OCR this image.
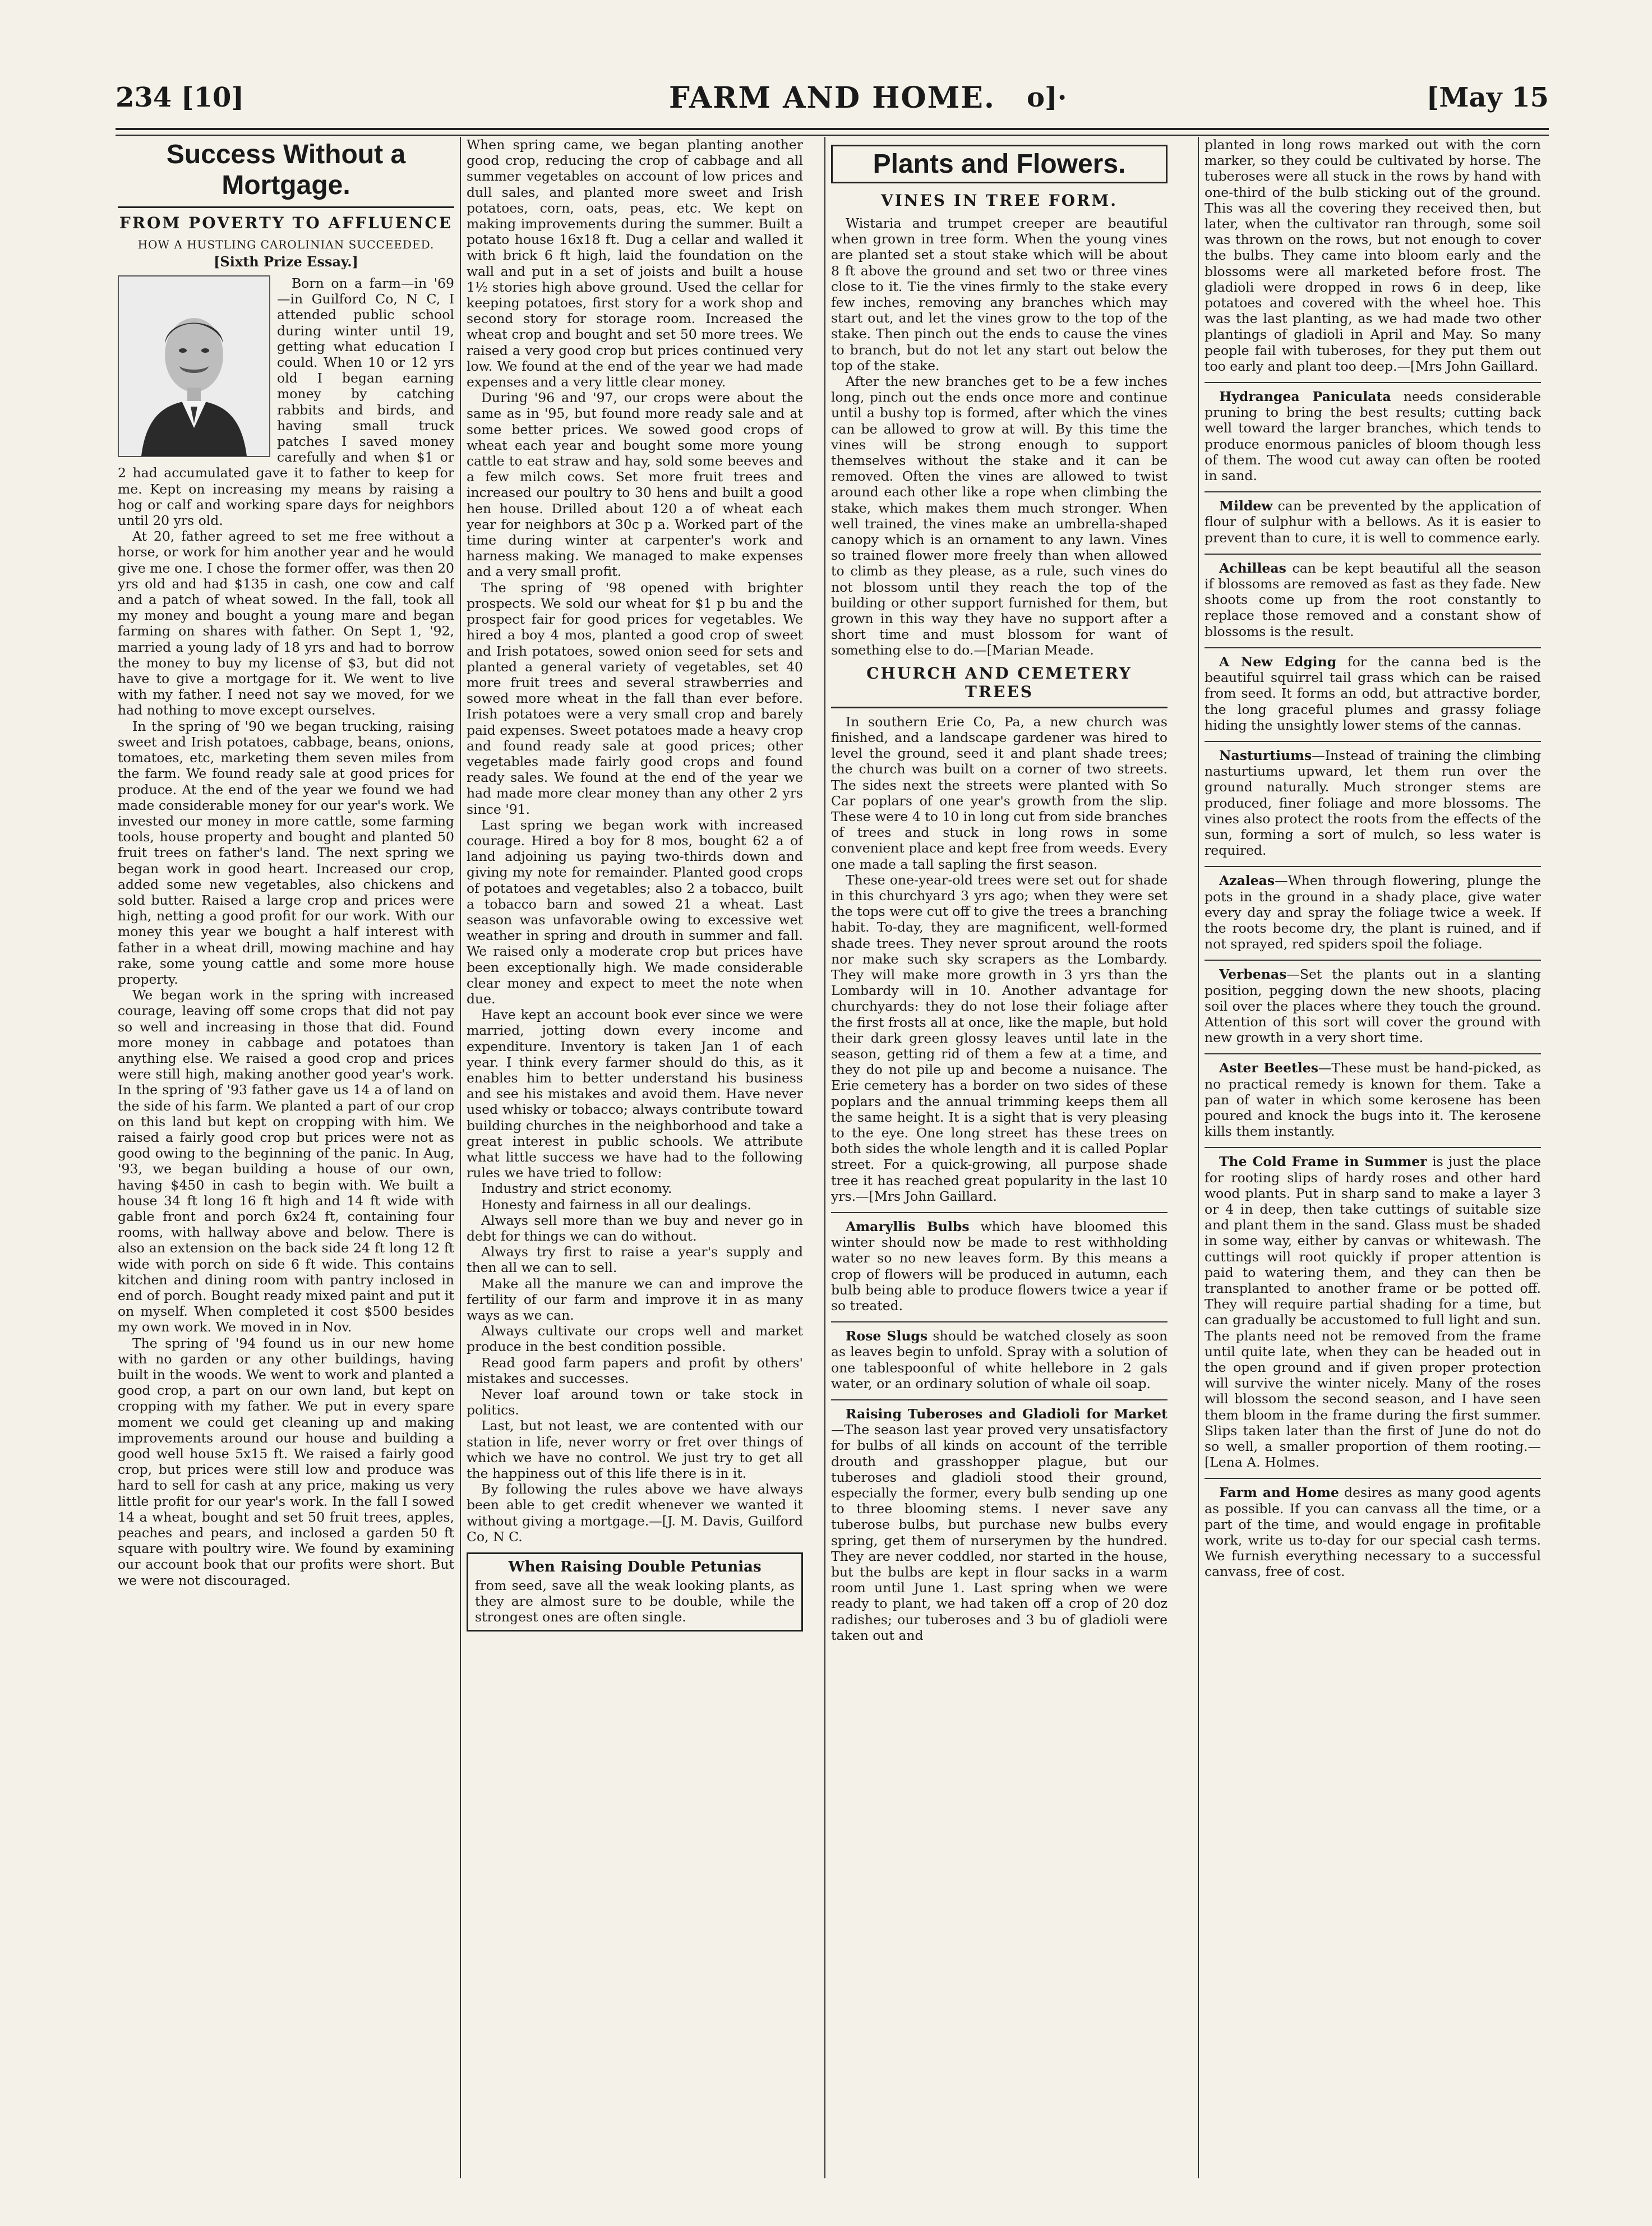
234 [10]	FARM AND HOME.	o]·	[May 15
Success Without a Mortgage.
FROM POVERTY TO AFFLUENCE
HOW A HUSTLING CAROLINIAN SUCCEEDED.
[Sixth Prize Essay.]

Born on a farm—in '69—in Guilford Co, N C, I attended public school during winter until 19, getting what education I could. When 10 or 12 yrs old I began earning money by catching rabbits and birds, and having small truck patches I saved money carefully and when $1 or 2 had accumulated gave it to father to keep for me. Kept on increasing my means by raising a hog or calf and working spare days for neighbors until 20 yrs old.

At 20, father agreed to set me free without a horse, or work for him another year and he would give me one. I chose the former offer, was then 20 yrs old and had $135 in cash, one cow and calf and a patch of wheat sowed. In the fall, took all my money and bought a young mare and began farming on shares with father. On Sept 1, '92, married a young lady of 18 yrs and had to borrow the money to buy my license of $3, but did not have to give a mortgage for it. We went to live with my father. I need not say we moved, for we had nothing to move except ourselves.

In the spring of '90 we began trucking, raising sweet and Irish potatoes, cabbage, beans, onions, tomatoes, etc, marketing them seven miles from the farm. We found ready sale at good prices for produce. At the end of the year we found we had made considerable money for our year's work. We invested our money in more cattle, some farming tools, house property and bought and planted 50 fruit trees on father's land. The next spring we began work in good heart. Increased our crop, added some new vegetables, also chickens and sold butter. Raised a large crop and prices were high, netting a good profit for our work. With our money this year we bought a half interest with father in a wheat drill, mowing machine and hay rake, some young cattle and some more house property.

We began work in the spring with increased courage, leaving off some crops that did not pay so well and increasing in those that did. Found more money in cabbage and potatoes than anything else. We raised a good crop and prices were still high, making another good year's work. In the spring of '93 father gave us 14 a of land on the side of his farm. We planted a part of our crop on this land but kept on cropping with him. We raised a fairly good crop but prices were not as good owing to the beginning of the panic. In Aug, '93, we began building a house of our own, having $450 in cash to begin with. We built a house 34 ft long 16 ft high and 14 ft wide with gable front and porch 6x24 ft, containing four rooms, with hallway above and below. There is also an extension on the back side 24 ft long 12 ft wide with porch on side 6 ft wide. This contains kitchen and dining room with pantry inclosed in end of porch. Bought ready mixed paint and put it on myself. When completed it cost $500 besides my own work. We moved in in Nov.

The spring of '94 found us in our new home with no garden or any other buildings, having built in the woods. We went to work and planted a good crop, a part on our own land, but kept on cropping with my father. We put in every spare moment we could get cleaning up and making improvements around our house and building a good well house 5x15 ft. We raised a fairly good crop, but prices were still low and produce was hard to sell for cash at any price, making us very little profit for our year's work. In the fall I sowed 14 a wheat, bought and set 50 fruit trees, apples, peaches and pears, and inclosed a garden 50 ft square with poultry wire. We found by examining our account book that our profits were short. But we were not discouraged.

When spring came, we began planting another good crop, reducing the crop of cabbage and all summer vegetables on account of low prices and dull sales, and planted more sweet and Irish potatoes, corn, oats, peas, etc. We kept on making improvements during the summer. Built a potato house 16x18 ft. Dug a cellar and walled it with brick 6 ft high, laid the foundation on the wall and put in a set of joists and built a house 1½ stories high above ground. Used the cellar for keeping potatoes, first story for a work shop and second story for storage room. Increased the wheat crop and bought and set 50 more trees. We raised a very good crop but prices continued very low. We found at the end of the year we had made expenses and a very little clear money.

During '96 and '97, our crops were about the same as in '95, but found more ready sale and at some better prices. We sowed good crops of wheat each year and bought some more young cattle to eat straw and hay, sold some beeves and a few milch cows. Set more fruit trees and increased our poultry to 30 hens and built a good hen house. Drilled about 120 a of wheat each year for neighbors at 30c p a. Worked part of the time during winter at carpenter's work and harness making. We managed to make expenses and a very small profit.

The spring of '98 opened with brighter prospects. We sold our wheat for $1 p bu and the prospect fair for good prices for vegetables. We hired a boy 4 mos, planted a good crop of sweet and Irish potatoes, sowed onion seed for sets and planted a general variety of vegetables, set 40 more fruit trees and several strawberries and sowed more wheat in the fall than ever before. Irish potatoes were a very small crop and barely paid expenses. Sweet potatoes made a heavy crop and found ready sale at good prices; other vegetables made fairly good crops and found ready sales. We found at the end of the year we had made more clear money than any other 2 yrs since '91.

Last spring we began work with increased courage. Hired a boy for 8 mos, bought 62 a of land adjoining us paying two-thirds down and giving my note for remainder. Planted good crops of potatoes and vegetables; also 2 a tobacco, built a tobacco barn and sowed 21 a wheat. Last season was unfavorable owing to excessive wet weather in spring and drouth in summer and fall. We raised only a moderate crop but prices have been exceptionally high. We made considerable clear money and expect to meet the note when due.

Have kept an account book ever since we were married, jotting down every income and expenditure. Inventory is taken Jan 1 of each year. I think every farmer should do this, as it enables him to better understand his business and see his mistakes and avoid them. Have never used whisky or tobacco; always contribute toward building churches in the neighborhood and take a great interest in public schools. We attribute what little success we have had to the following rules we have tried to follow:

Industry and strict economy.

Honesty and fairness in all our dealings.

Always sell more than we buy and never go in debt for things we can do without.

Always try first to raise a year's supply and then all we can to sell.

Make all the manure we can and improve the fertility of our farm and improve it in as many ways as we can.

Always cultivate our crops well and market produce in the best condition possible.

Read good farm papers and profit by others' mistakes and successes.

Never loaf around town or take stock in politics.

Last, but not least, we are contented with our station in life, never worry or fret over things of which we have no control. We just try to get all the happiness out of this life there is in it.

By following the rules above we have always been able to get credit whenever we wanted it without giving a mortgage.—[J. M. Davis, Guilford Co, N C.

When Raising Double Petunias

from seed, save all the weak looking plants, as they are almost sure to be double, while the strongest ones are often single.

Plants and Flowers.
VINES IN TREE FORM.

Wistaria and trumpet creeper are beautiful when grown in tree form. When the young vines are planted set a stout stake which will be about 8 ft above the ground and set two or three vines close to it. Tie the vines firmly to the stake every few inches, removing any branches which may start out, and let the vines grow to the top of the stake. Then pinch out the ends to cause the vines to branch, but do not let any start out below the top of the stake.

After the new branches get to be a few inches long, pinch out the ends once more and continue until a bushy top is formed, after which the vines can be allowed to grow at will. By this time the vines will be strong enough to support themselves without the stake and it can be removed. Often the vines are allowed to twist around each other like a rope when climbing the stake, which makes them much stronger. When well trained, the vines make an umbrella-shaped canopy which is an ornament to any lawn. Vines so trained flower more freely than when allowed to climb as they please, as a rule, such vines do not blossom until they reach the top of the building or other support furnished for them, but grown in this way they have no support after a short time and must blossom for want of something else to do.—[Marian Meade.

CHURCH AND CEMETERY TREES

In southern Erie Co, Pa, a new church was finished, and a landscape gardener was hired to level the ground, seed it and plant shade trees; the church was built on a corner of two streets. The sides next the streets were planted with So Car poplars of one year's growth from the slip. These were 4 to 10 in long cut from side branches of trees and stuck in long rows in some convenient place and kept free from weeds. Every one made a tall sapling the first season.

These one-year-old trees were set out for shade in this churchyard 3 yrs ago; when they were set the tops were cut off to give the trees a branching habit. To-day, they are magnificent, well-formed shade trees. They never sprout around the roots nor make such sky scrapers as the Lombardy. They will make more growth in 3 yrs than the Lombardy will in 10. Another advantage for churchyards: they do not lose their foliage after the first frosts all at once, like the maple, but hold their dark green glossy leaves until late in the season, getting rid of them a few at a time, and they do not pile up and become a nuisance. The Erie cemetery has a border on two sides of these poplars and the annual trimming keeps them all the same height. It is a sight that is very pleasing to the eye. One long street has these trees on both sides the whole length and it is called Poplar street. For a quick-growing, all purpose shade tree it has reached great popularity in the last 10 yrs.—[Mrs John Gaillard.

Amaryllis Bulbs which have bloomed this winter should now be made to rest withholding water so no new leaves form. By this means a crop of flowers will be produced in autumn, each bulb being able to produce flowers twice a year if so treated.

Rose Slugs should be watched closely as soon as leaves begin to unfold. Spray with a solution of one tablespoonful of white hellebore in 2 gals water, or an ordinary solution of whale oil soap.

Raising Tuberoses and Gladioli for Market—The season last year proved very unsatisfactory for bulbs of all kinds on account of the terrible drouth and grasshopper plague, but our tuberoses and gladioli stood their ground, especially the former, every bulb sending up one to three blooming stems. I never save any tuberose bulbs, but purchase new bulbs every spring, get them of nurserymen by the hundred. They are never coddled, nor started in the house, but the bulbs are kept in flour sacks in a warm room until June 1. Last spring when we were ready to plant, we had taken off a crop of 20 doz radishes; our tuberoses and 3 bu of gladioli were taken out and

planted in long rows marked out with the corn marker, so they could be cultivated by horse. The tuberoses were all stuck in the rows by hand with one-third of the bulb sticking out of the ground. This was all the covering they received then, but later, when the cultivator ran through, some soil was thrown on the rows, but not enough to cover the bulbs. They came into bloom early and the blossoms were all marketed before frost. The gladioli were dropped in rows 6 in deep, like potatoes and covered with the wheel hoe. This was the last planting, as we had made two other plantings of gladioli in April and May. So many people fail with tuberoses, for they put them out too early and plant too deep.—[Mrs John Gaillard.

Hydrangea Paniculata needs considerable pruning to bring the best results; cutting back well toward the larger branches, which tends to produce enormous panicles of bloom though less of them. The wood cut away can often be rooted in sand.

Mildew can be prevented by the application of flour of sulphur with a bellows. As it is easier to prevent than to cure, it is well to commence early.

Achilleas can be kept beautiful all the season if blossoms are removed as fast as they fade. New shoots come up from the root constantly to replace those removed and a constant show of blossoms is the result.

A New Edging for the canna bed is the beautiful squirrel tail grass which can be raised from seed. It forms an odd, but attractive border, the long graceful plumes and grassy foliage hiding the unsightly lower stems of the cannas.

Nasturtiums—Instead of training the climbing nasturtiums upward, let them run over the ground naturally. Much stronger stems are produced, finer foliage and more blossoms. The vines also protect the roots from the effects of the sun, forming a sort of mulch, so less water is required.

Azaleas—When through flowering, plunge the pots in the ground in a shady place, give water every day and spray the foliage twice a week. If the roots become dry, the plant is ruined, and if not sprayed, red spiders spoil the foliage.

Verbenas—Set the plants out in a slanting position, pegging down the new shoots, placing soil over the places where they touch the ground. Attention of this sort will cover the ground with new growth in a very short time.

Aster Beetles—These must be hand-picked, as no practical remedy is known for them. Take a pan of water in which some kerosene has been poured and knock the bugs into it. The kerosene kills them instantly.

The Cold Frame in Summer is just the place for rooting slips of hardy roses and other hard wood plants. Put in sharp sand to make a layer 3 or 4 in deep, then take cuttings of suitable size and plant them in the sand. Glass must be shaded in some way, either by canvas or whitewash. The cuttings will root quickly if proper attention is paid to watering them, and they can then be transplanted to another frame or be potted off. They will require partial shading for a time, but can gradually be accustomed to full light and sun. The plants need not be removed from the frame until quite late, when they can be headed out in the open ground and if given proper protection will survive the winter nicely. Many of the roses will blossom the second season, and I have seen them bloom in the frame during the first summer. Slips taken later than the first of June do not do so well, a smaller proportion of them rooting.—[Lena A. Holmes.

Farm and Home desires as many good agents as possible. If you can canvass all the time, or a part of the time, and would engage in profitable work, write us to-day for our special cash terms. We furnish everything necessary to a successful canvass, free of cost.
